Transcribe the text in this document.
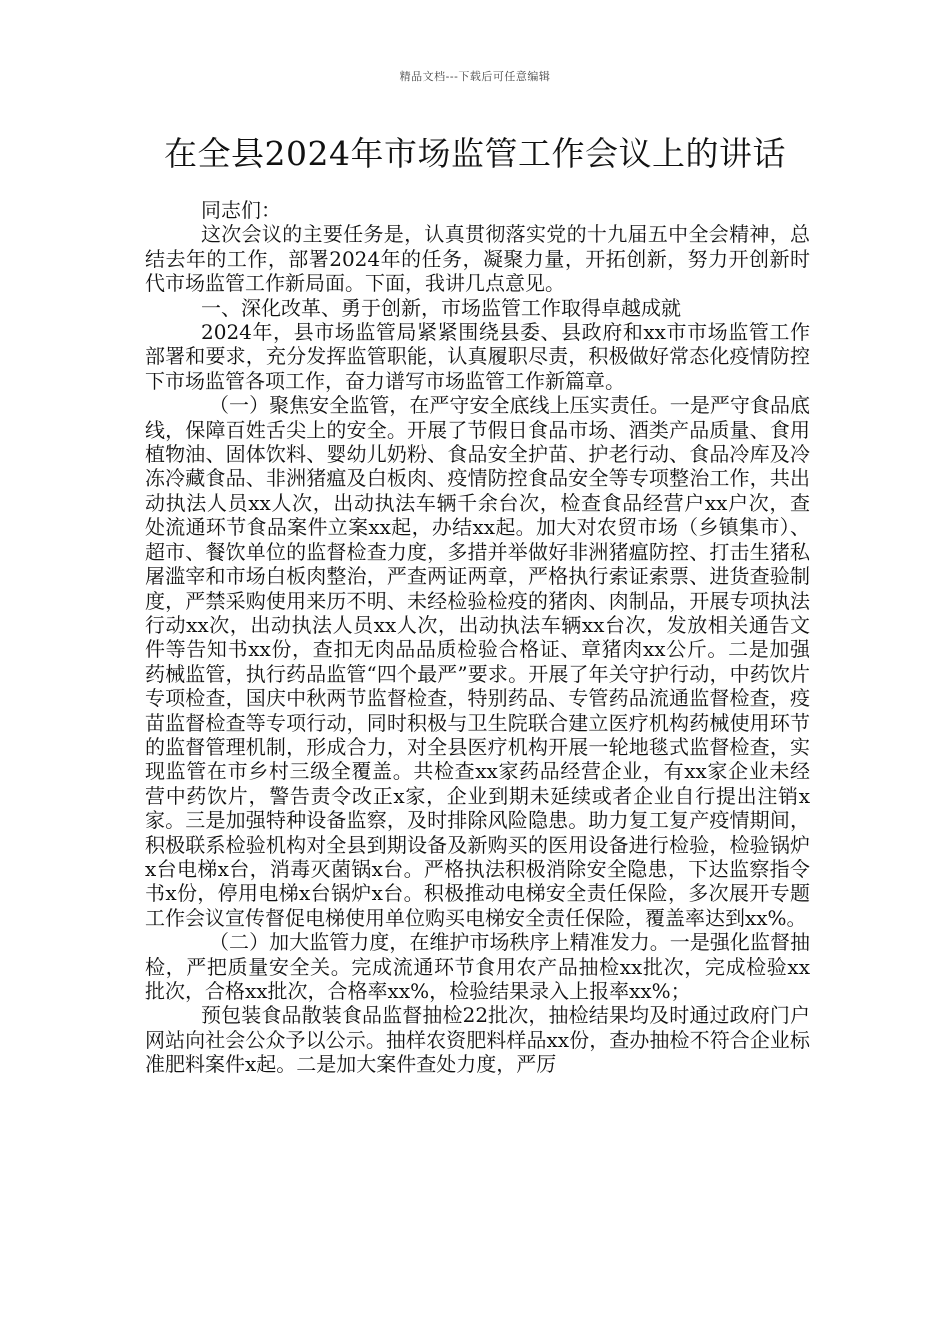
精品文档---下载后可任意编辑
在全县2024年市场监管工作会议上的讲话

同志们：

这次会议的主要任务是，认真贯彻落实党的十九届五中全会精神，总结去年的工作，部署2024年的任务，凝聚力量，开拓创新，努力开创新时代市场监管工作新局面。下面，我讲几点意见。

一、深化改革、勇于创新，市场监管工作取得卓越成就

2024年，县市场监管局紧紧围绕县委、县政府和xx市市场监管工作部署和要求，充分发挥监管职能，认真履职尽责，积极做好常态化疫情防控下市场监管各项工作，奋力谱写市场监管工作新篇章。

（一）聚焦安全监管，在严守安全底线上压实责任。一是严守食品底线，保障百姓舌尖上的安全。开展了节假日食品市场、酒类产品质量、食用植物油、固体饮料、婴幼儿奶粉、食品安全护苗、护老行动、食品冷库及冷冻冷藏食品、非洲猪瘟及白板肉、疫情防控食品安全等专项整治工作，共出动执法人员xx人次，出动执法车辆千余台次，检查食品经营户xx户次，查处流通环节食品案件立案xx起，办结xx起。加大对农贸市场（乡镇集市）、超市、餐饮单位的监督检查力度，多措并举做好非洲猪瘟防控、打击生猪私屠滥宰和市场白板肉整治，严查两证两章，严格执行索证索票、进货查验制度，严禁采购使用来历不明、未经检验检疫的猪肉、肉制品，开展专项执法行动xx次，出动执法人员xx人次，出动执法车辆xx台次，发放相关通告文件等告知书xx份，查扣无肉品品质检验合格证、章猪肉xx公斤。二是加强药械监管，执行药品监管“四个最严”要求。开展了年关守护行动，中药饮片专项检查，国庆中秋两节监督检查，特别药品、专管药品流通监督检查，疫苗监督检查等专项行动，同时积极与卫生院联合建立医疗机构药械使用环节的监督管理机制，形成合力，对全县医疗机构开展一轮地毯式监督检查，实现监管在市乡村三级全覆盖。共检查xx家药品经营企业，有xx家企业未经营中药饮片，警告责令改正x家，企业到期未延续或者企业自行提出注销x家。三是加强特种设备监察，及时排除风险隐患。助力复工复产疫情期间，积极联系检验机构对全县到期设备及新购买的医用设备进行检验，检验锅炉x台电梯x台，消毒灭菌锅x台。严格执法积极消除安全隐患，下达监察指令书x份，停用电梯x台锅炉x台。积极推动电梯安全责任保险，多次展开专题工作会议宣传督促电梯使用单位购买电梯安全责任保险，覆盖率达到xx%。

（二）加大监管力度，在维护市场秩序上精准发力。一是强化监督抽检，严把质量安全关。完成流通环节食用农产品抽检xx批次，完成检验xx批次，合格xx批次，合格率xx%，检验结果录入上报率xx%；

预包装食品散装食品监督抽检22批次，抽检结果均及时通过政府门户网站向社会公众予以公示。抽样农资肥料样品xx份，查办抽检不符合企业标准肥料案件x起。二是加大案件查处力度，严厉
